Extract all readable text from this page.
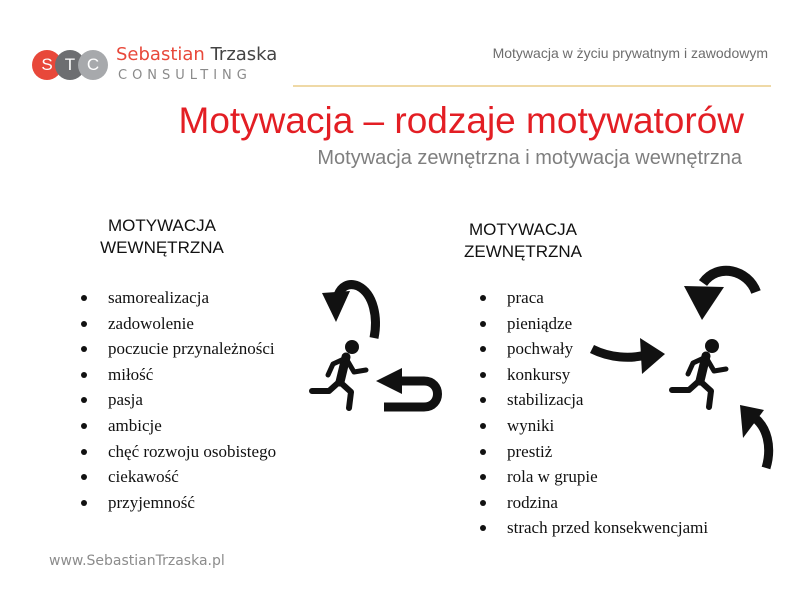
S T C Sebastian Trzaska
CONSULTING
Motywacja w życiu prywatnym i zawodowym
Motywacja – rodzaje motywatorów
Motywacja zewnętrzna i motywacja wewnętrzna
MOTYWACJA
WEWNĘTRZNA
samorealizacja
zadowolenie
poczucie przynależności
miłość
pasja
ambicje
chęć rozwoju osobistego
ciekawość
przyjemność
MOTYWACJA
ZEWNĘTRZNA
praca
pieniądze
pochwały
konkursy
stabilizacja
wyniki
prestiż
rola w grupie
rodzina
strach przed konsekwencjami
www.SebastianTrzaska.pl
